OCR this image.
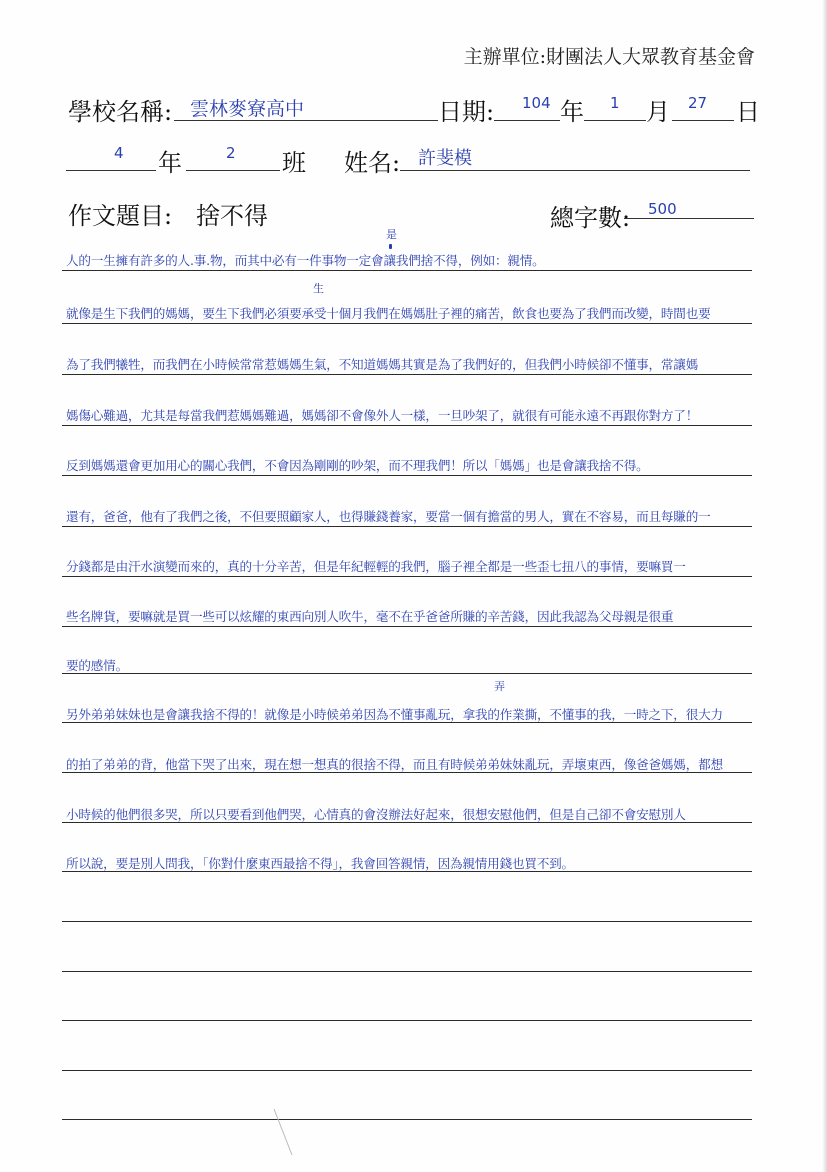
主辦單位:財團法人大眾教育基金會
學校名稱: 雲林麥寮高中	日期: 104 年 1 月 27 日
4 年	2 班 姓名: 許斐模
作文題目: 捨不得	總字數: 500
是
生
弄
人的一生擁有許多的人.事.物，而其中必有一件事物一定會讓我們捨不得，例如：親情。
就像是生下我們的媽媽，要生下我們必須要承受十個月我們在媽媽肚子裡的痛苦，飲食也要為了我們而改變，時間也要
為了我們犧牲，而我們在小時候常常惹媽媽生氣，不知道媽媽其實是為了我們好的，但我們小時候卻不懂事，常讓媽
媽傷心難過，尤其是每當我們惹媽媽難過，媽媽卻不會像外人一樣，一旦吵架了，就很有可能永遠不再跟你對方了！
反到媽媽還會更加用心的關心我們，不會因為剛剛的吵架，而不理我們！所以「媽媽」也是會讓我捨不得。
還有，爸爸，他有了我們之後，不但要照顧家人，也得賺錢養家，要當一個有擔當的男人，實在不容易，而且每賺的一
分錢都是由汗水演變而來的，真的十分辛苦，但是年紀輕輕的我們，腦子裡全都是一些歪七扭八的事情，要嘛買一
些名牌貨，要嘛就是買一些可以炫耀的東西向別人吹牛，毫不在乎爸爸所賺的辛苦錢，因此我認為父母親是很重
要的感情。
另外弟弟妹妹也是會讓我捨不得的！就像是小時候弟弟因為不懂事亂玩，拿我的作業撕，不懂事的我，一時之下，很大力
的拍了弟弟的背，他當下哭了出來，現在想一想真的很捨不得，而且有時候弟弟妹妹亂玩，弄壞東西，像爸爸媽媽，都想
小時候的他們很多哭，所以只要看到他們哭，心情真的會沒辦法好起來，很想安慰他們，但是自己卻不會安慰別人
所以說，要是別人問我，「你對什麼東西最捨不得」，我會回答親情，因為親情用錢也買不到。
